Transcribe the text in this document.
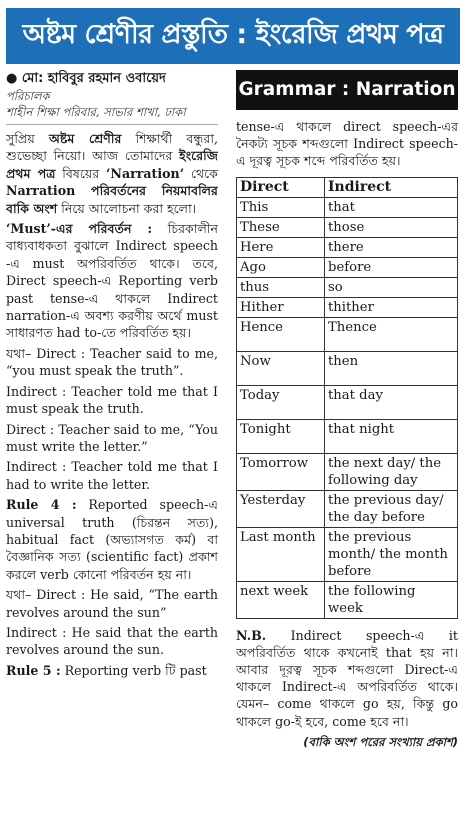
অষ্টম শ্রেণীর প্রস্তুতি : ইংরেজি প্রথম পত্র
● মো: হাবিবুর রহমান ওবায়েদ
পরিচালক
শাহীন শিক্ষা পরিবার, সাভার শাখা, ঢাকা

সুপ্রিয় অষ্টম শ্রেণীর শিক্ষার্থী বন্ধুরা, শুভেচ্ছা নিয়ো। আজ তোমাদের ইংরেজি প্রথম পত্র বিষয়ের ‘Narration’ থেকে Narration পরিবর্তনের নিয়মাবলির বাকি অংশ নিয়ে আলোচনা করা হলো।

‘Must’-এর পরিবর্তন : চিরকালীন বাধ্যবাধকতা বুঝালে Indirect speech -এ must অপরিবর্তিত থাকে। তবে, Direct speech-এ Reporting verb past tense-এ থাকলে Indirect narration-এ অবশ্য করণীয় অর্থে must সাধারণত had to-তে পরিবর্তিত হয়।

যথা– Direct : Teacher said to me, “you must speak the truth”.

Indirect : Teacher told me that I must speak the truth.

Direct : Teacher said to me, “You must write the letter.”

Indirect : Teacher told me that I had to write the letter.

Rule 4 : Reported speech-এ universal truth (চিরন্তন সত্য), habitual fact (অভ্যাসগত কর্ম) বা বৈজ্ঞানিক সত্য (scientific fact) প্রকাশ করলে verb কোনো পরিবর্তন হয় না।

যথা– Direct : He said, “The earth revolves around the sun”

Indirect : He said that the earth revolves around the sun.

Rule 5 : Reporting verb টি past

Grammar : Narration

tense-এ থাকলে direct speech-এর নৈকট্য সূচক শব্দগুলো Indirect speech-এ দূরত্ব সূচক শব্দে পরিবর্তিত হয়।

Direct	Indirect
This	that
These	those
Here	there
Ago	before
thus	so
Hither	thither
Hence	Thence
Now	then
Today	that day
Tonight	that night
Tomorrow	the next day/ the following day
Yesterday	the previous day/ the day before
Last month	the previous month/ the month before
next week	the following week

N.B. Indirect speech-এ it অপরিবর্তিত থাকে কখনোই that হয় না। আবার দূরত্ব সূচক শব্দগুলো Direct-এ থাকলে Indirect-এ অপরিবর্তিত থাকে। যেমন– come থাকলে go হয়, কিন্তু go থাকলে go-ই হবে, come হবে না।

(বাকি অংশ পরের সংখ্যায় প্রকাশ)
